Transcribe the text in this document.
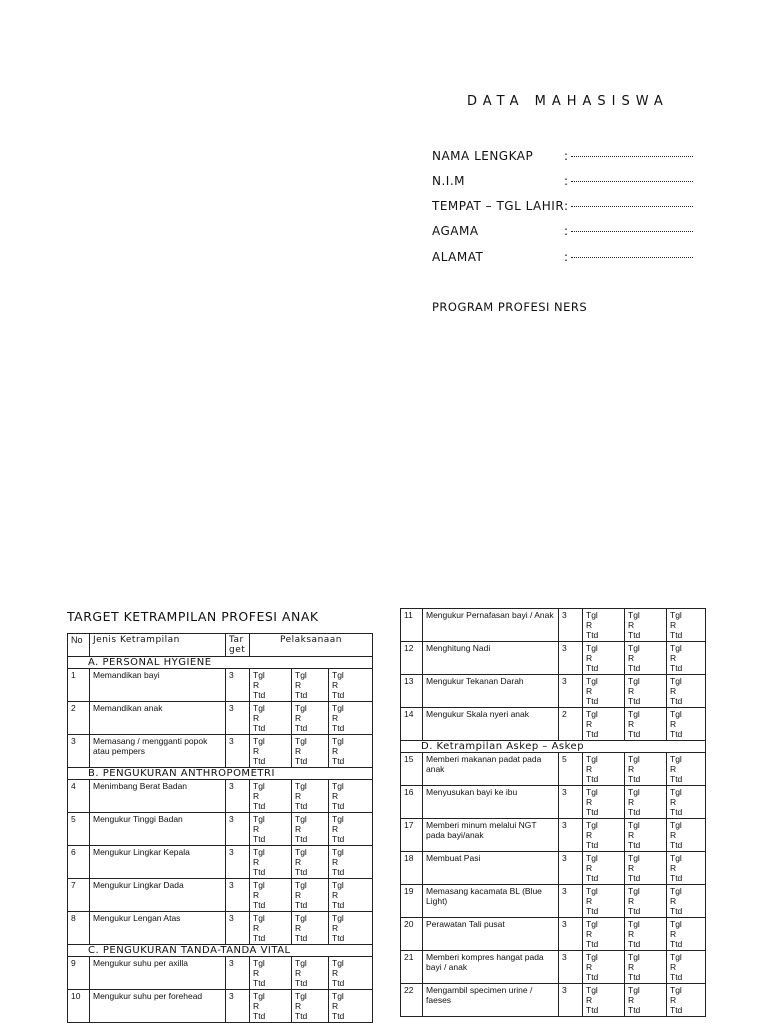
DATA MAHASISWA
NAMA LENGKAP	:
N.I.M	:
TEMPAT – TGL LAHIR :
AGAMA	:
ALAMAT	:
PROGRAM PROFESI NERS
TARGET KETRAMPILAN PROFESI ANAK
No	Jenis Ketrampilan	Tar get	Pelaksanaan		
A. PERSONAL HYGIENE					
1	Memandikan bayi	3	Tgl
R
Ttd	Tgl
R
Ttd	Tgl
R
Ttd

2	Memandikan anak	3	Tgl
R
Ttd	Tgl
R
Ttd	Tgl
R
Ttd

3	Memasang / mengganti popok atau pempers	3	Tgl
R
Ttd	Tgl
R
Ttd	Tgl
R
Ttd

B. PENGUKURAN ANTHROPOMETRI					
4	Menimbang Berat Badan	3	Tgl
R
Ttd	Tgl
R
Ttd	Tgl
R
Ttd

5	Mengukur Tinggi Badan	3	Tgl
R
Ttd	Tgl
R
Ttd	Tgl
R
Ttd

6	Mengukur Lingkar Kepala	3	Tgl
R
Ttd	Tgl
R
Ttd	Tgl
R
Ttd

7	Mengukur Lingkar Dada	3	Tgl
R
Ttd	Tgl
R
Ttd	Tgl
R
Ttd

8	Mengukur Lengan Atas	3	Tgl
R
Ttd	Tgl
R
Ttd	Tgl
R
Ttd

C. PENGUKURAN TANDA-TANDA VITAL					
9	Mengukur suhu per axilla	3	Tgl
R
Ttd	Tgl
R
Ttd	Tgl
R
Ttd

10	Mengukur suhu per forehead	3	Tgl
R
Ttd	Tgl
R
Ttd	Tgl
R
Ttd
11	Mengukur Pernafasan bayi / Anak	3	Tgl
R
Ttd	Tgl
R
Ttd	Tgl
R
Ttd

12	Menghitung Nadi	3	Tgl
R
Ttd	Tgl
R
Ttd	Tgl
R
Ttd

13	Mengukur Tekanan Darah	3	Tgl
R
Ttd	Tgl
R
Ttd	Tgl
R
Ttd

14	Mengukur Skala nyeri anak	2	Tgl
R
Ttd	Tgl
R
Ttd	Tgl
R
Ttd

D. Ketrampilan Askep – Askep					
15	Memberi makanan padat pada anak	5	Tgl
R
Ttd	Tgl
R
Ttd	Tgl
R
Ttd

16	Menyusukan bayi ke ibu	3	Tgl
R
Ttd	Tgl
R
Ttd	Tgl
R
Ttd

17	Memberi minum melalui NGT pada bayi/anak	3	Tgl
R
Ttd	Tgl
R
Ttd	Tgl
R
Ttd

18	Membuat Pasi	3	Tgl
R
Ttd	Tgl
R
Ttd	Tgl
R
Ttd

19	Memasang kacamata BL (Blue Light)	3	Tgl
R
Ttd	Tgl
R
Ttd	Tgl
R
Ttd

20	Perawatan Tali pusat	3	Tgl
R
Ttd	Tgl
R
Ttd	Tgl
R
Ttd

21	Memberi kompres hangat pada bayi / anak	3	Tgl
R
Ttd	Tgl
R
Ttd	Tgl
R
Ttd

22	Mengambil specimen urine / faeses	3	Tgl
R
Ttd	Tgl
R
Ttd	Tgl
R
Ttd
